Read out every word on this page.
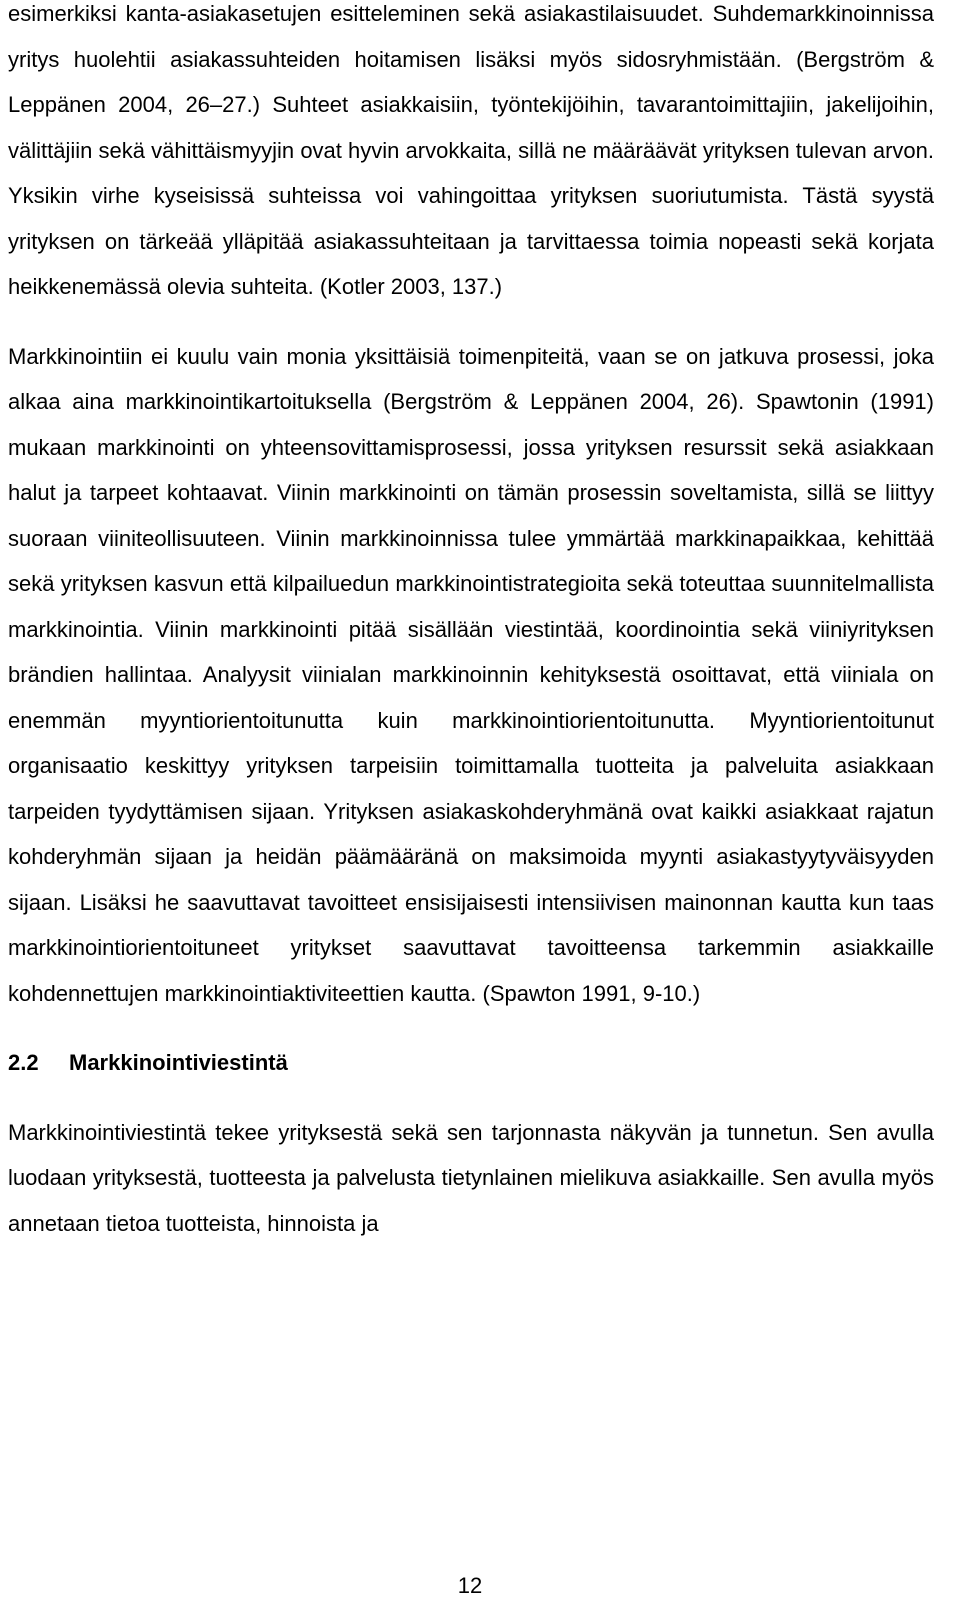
esimerkiksi kanta-asiakasetujen esitteleminen sekä asiakastilaisuudet. Suhdemarkkinoinnissa yritys huolehtii asiakassuhteiden hoitamisen lisäksi myös sidosryhmistään. (Bergström & Leppänen 2004, 26–27.) Suhteet asiakkaisiin, työntekijöihin, tavarantoimittajiin, jakelijoihin, välittäjiin sekä vähittäismyyjin ovat hyvin arvokkaita, sillä ne määräävät yrityksen tulevan arvon. Yksikin virhe kyseisissä suhteissa voi vahingoittaa yrityksen suoriutumista. Tästä syystä yrityksen on tärkeää ylläpitää asiakassuhteitaan ja tarvittaessa toimia nopeasti sekä korjata heikkenemässä olevia suhteita. (Kotler 2003, 137.)

Markkinointiin ei kuulu vain monia yksittäisiä toimenpiteitä, vaan se on jatkuva prosessi, joka alkaa aina markkinointikartoituksella (Bergström & Leppänen 2004, 26). Spawtonin (1991) mukaan markkinointi on yhteensovittamisprosessi, jossa yrityksen resurssit sekä asiakkaan halut ja tarpeet kohtaavat. Viinin markkinointi on tämän prosessin soveltamista, sillä se liittyy suoraan viiniteollisuuteen. Viinin markkinoinnissa tulee ymmärtää markkinapaikkaa, kehittää sekä yrityksen kasvun että kilpailuedun markkinointistrategioita sekä toteuttaa suunnitelmallista markkinointia. Viinin markkinointi pitää sisällään viestintää, koordinointia sekä viiniyrityksen brändien hallintaa. Analyysit viinialan markkinoinnin kehityksestä osoittavat, että viiniala on enemmän myyntiorientoitunutta kuin markkinointiorientoitunutta. Myyntiorientoitunut organisaatio keskittyy yrityksen tarpeisiin toimittamalla tuotteita ja palveluita asiakkaan tarpeiden tyydyttämisen sijaan. Yrityksen asiakaskohderyhmänä ovat kaikki asiakkaat rajatun kohderyhmän sijaan ja heidän päämääränä on maksimoida myynti asiakastyytyväisyyden sijaan. Lisäksi he saavuttavat tavoitteet ensisijaisesti intensiivisen mainonnan kautta kun taas markkinointiorientoituneet yritykset saavuttavat tavoitteensa tarkemmin asiakkaille kohdennettujen markkinointiaktiviteettien kautta. (Spawton 1991, 9-10.)

2.2	Markkinointiviestintä

Markkinointiviestintä tekee yrityksestä sekä sen tarjonnasta näkyvän ja tunnetun. Sen avulla luodaan yrityksestä, tuotteesta ja palvelusta tietynlainen mielikuva asiakkaille. Sen avulla myös annetaan tietoa tuotteista, hinnoista ja

12
